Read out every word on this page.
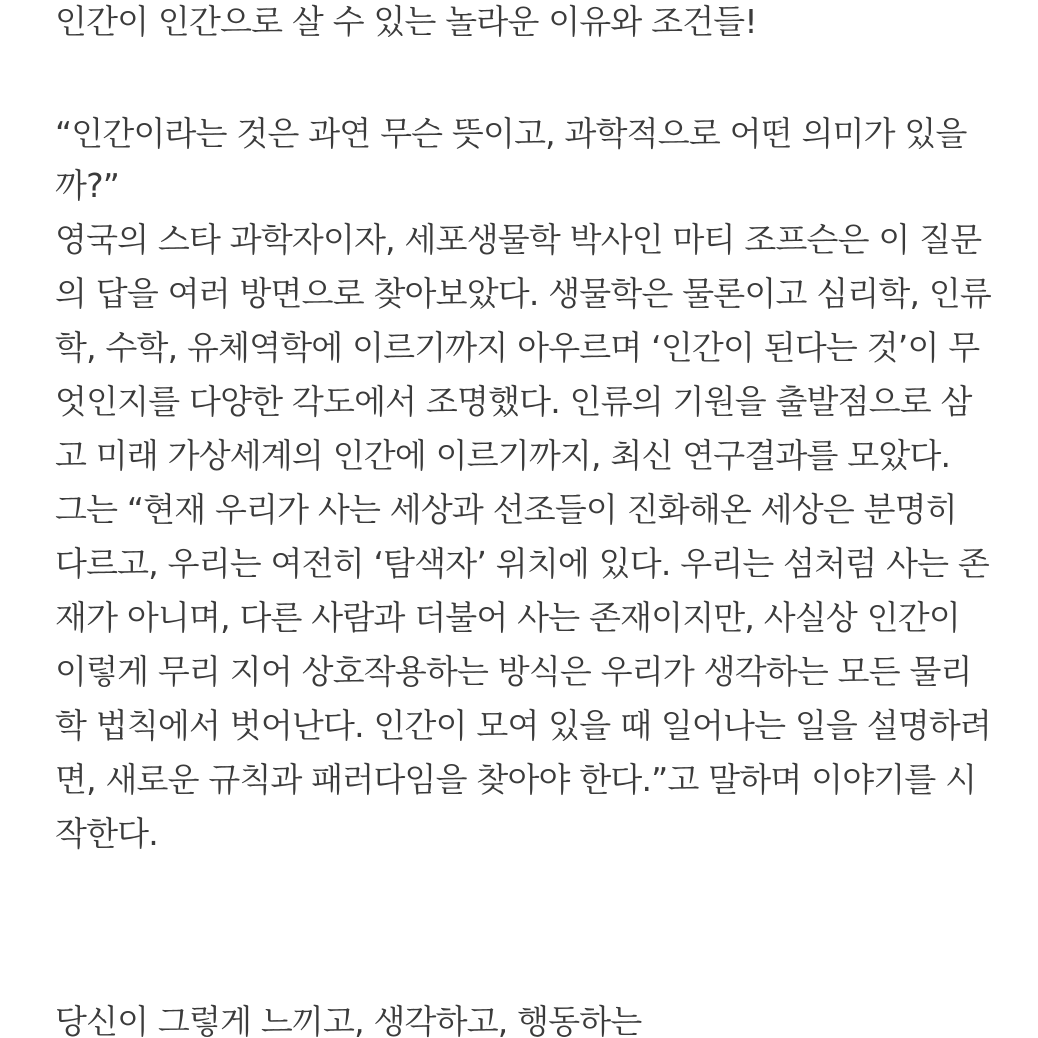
인간이 인간으로 살 수 있는 놀라운 이유와 조건들!

“인간이라는 것은 과연 무슨 뜻이고, 과학적으로 어떤 의미가 있을

까?”

영국의 스타 과학자이자, 세포생물학 박사인 마티 조프슨은 이 질문

의 답을 여러 방면으로 찾아보았다. 생물학은 물론이고 심리학, 인류

학, 수학, 유체역학에 이르기까지 아우르며 ‘인간이 된다는 것’이 무

엇인지를 다양한 각도에서 조명했다. 인류의 기원을 출발점으로 삼

고 미래 가상세계의 인간에 이르기까지, 최신 연구결과를 모았다.

그는 “현재 우리가 사는 세상과 선조들이 진화해온 세상은 분명히

다르고, 우리는 여전히 ‘탐색자’ 위치에 있다. 우리는 섬처럼 사는 존

재가 아니며, 다른 사람과 더불어 사는 존재이지만, 사실상 인간이

이렇게 무리 지어 상호작용하는 방식은 우리가 생각하는 모든 물리

학 법칙에서 벗어난다. 인간이 모여 있을 때 일어나는 일을 설명하려

면, 새로운 규칙과 패러다임을 찾아야 한다.”고 말하며 이야기를 시

작한다.

당신이 그렇게 느끼고, 생각하고, 행동하는
